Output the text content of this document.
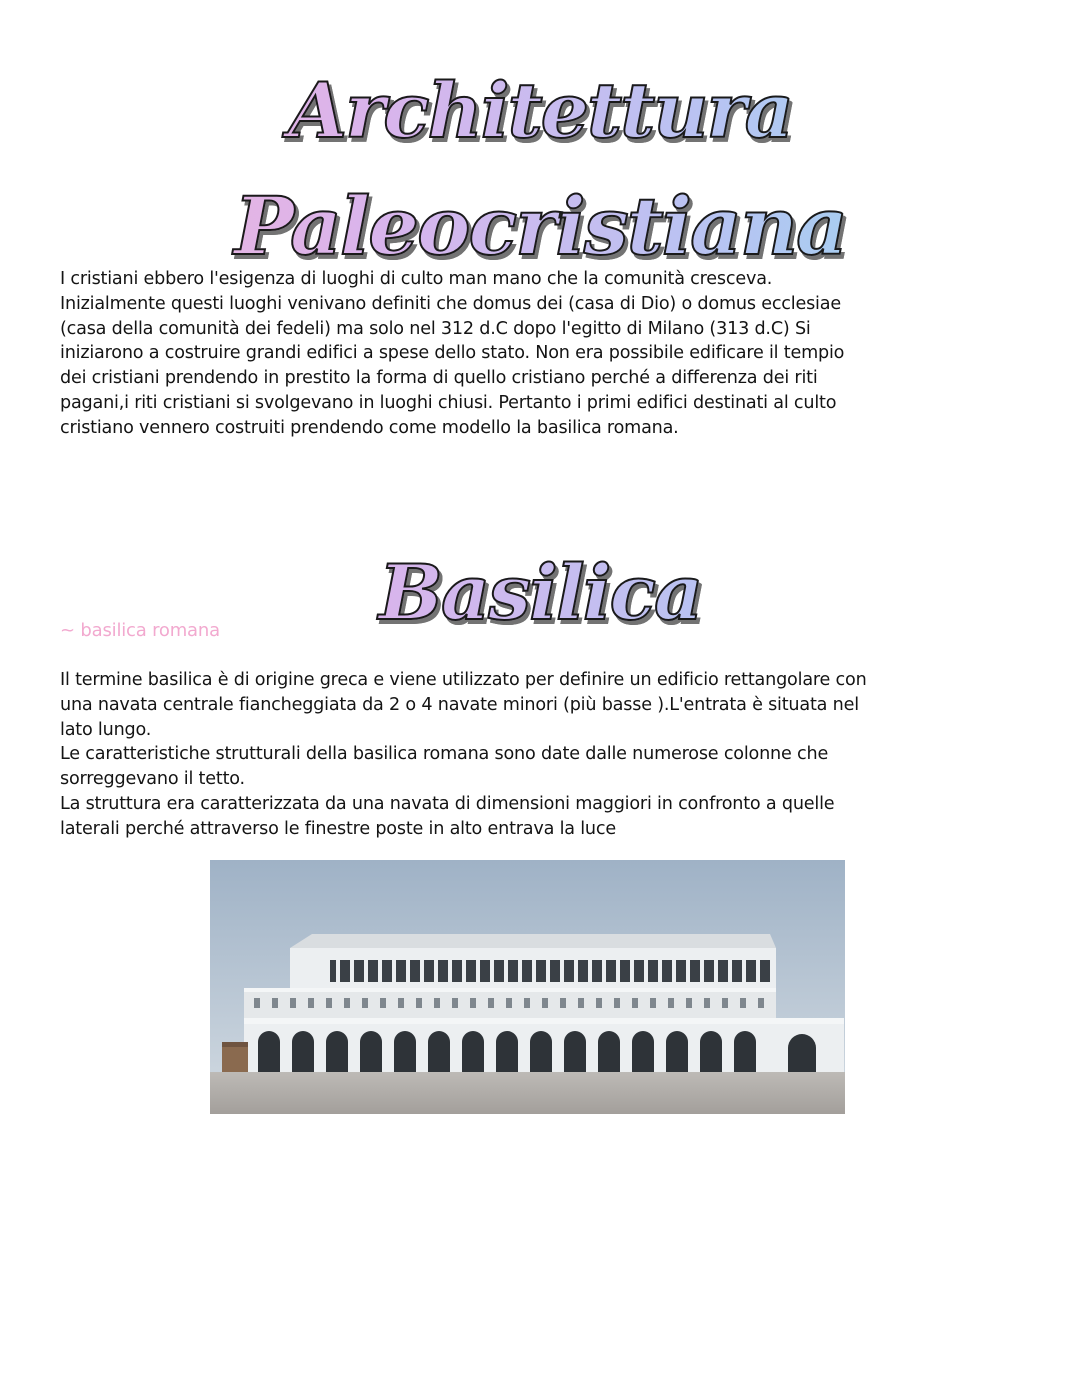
Architettura
Paleocristiana

I cristiani ebbero l'esigenza di luoghi di culto man mano che la comunità cresceva.
Inizialmente questi luoghi venivano definiti che domus dei (casa di Dio) o domus ecclesiae
(casa della comunità dei fedeli) ma solo nel 312 d.C dopo l'egitto di Milano (313 d.C) Si
iniziarono a costruire grandi edifici a spese dello stato. Non era possibile edificare il tempio
dei cristiani prendendo in prestito la forma di quello cristiano perché a differenza dei riti
pagani,i riti cristiani si svolgevano in luoghi chiusi. Pertanto i primi edifici destinati al culto
cristiano vennero costruiti prendendo come modello la basilica romana.

Basilica

~ basilica romana

Il termine basilica è di origine greca e viene utilizzato per definire un edificio rettangolare con
una navata centrale fiancheggiata da 2 o 4 navate minori (più basse ).L'entrata è situata nel
lato lungo.
Le caratteristiche strutturali della basilica romana sono date dalle numerose colonne che
sorreggevano il tetto.
La struttura era caratterizzata da una navata di dimensioni maggiori in confronto a quelle
laterali perché attraverso le finestre poste in alto entrava la luce
